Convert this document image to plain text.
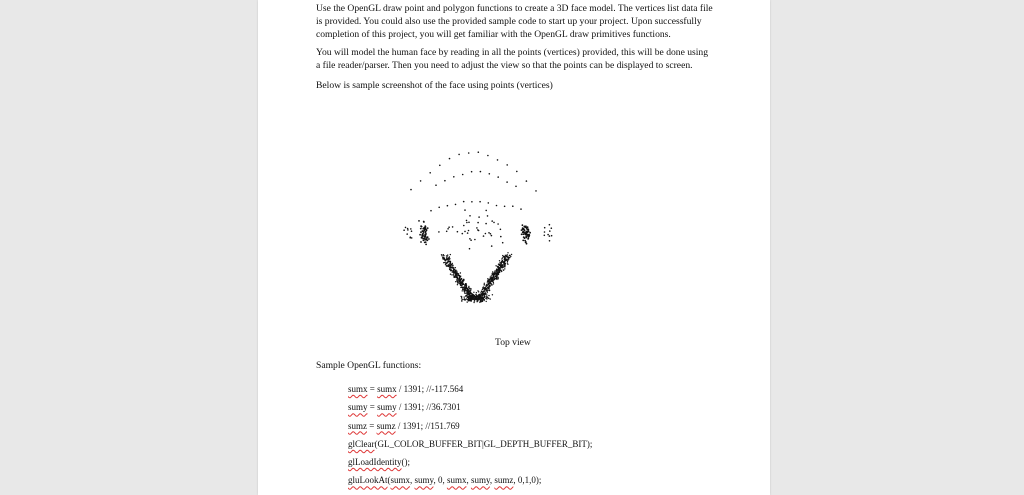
Use the OpenGL draw point and polygon functions to create a 3D face model. The vertices list data file is provided. You could also use the provided sample code to start up your project. Upon successfully completion of this project, you will get familiar with the OpenGL draw primitives functions.

You will model the human face by reading in all the points (vertices) provided, this will be done using a file reader/parser. Then you need to adjust the view so that the points can be displayed to screen.

Below is sample screenshot of the face using points (vertices)

Top view
Sample OpenGL functions:
sumx = sumx / 1391; //-117.564
sumy = sumy / 1391; //36.7301
sumz = sumz / 1391; //151.769
glClear(GL_COLOR_BUFFER_BIT|GL_DEPTH_BUFFER_BIT);
glLoadIdentity();
gluLookAt(sumx, sumy, 0, sumx, sumy, sumz, 0,1,0);
